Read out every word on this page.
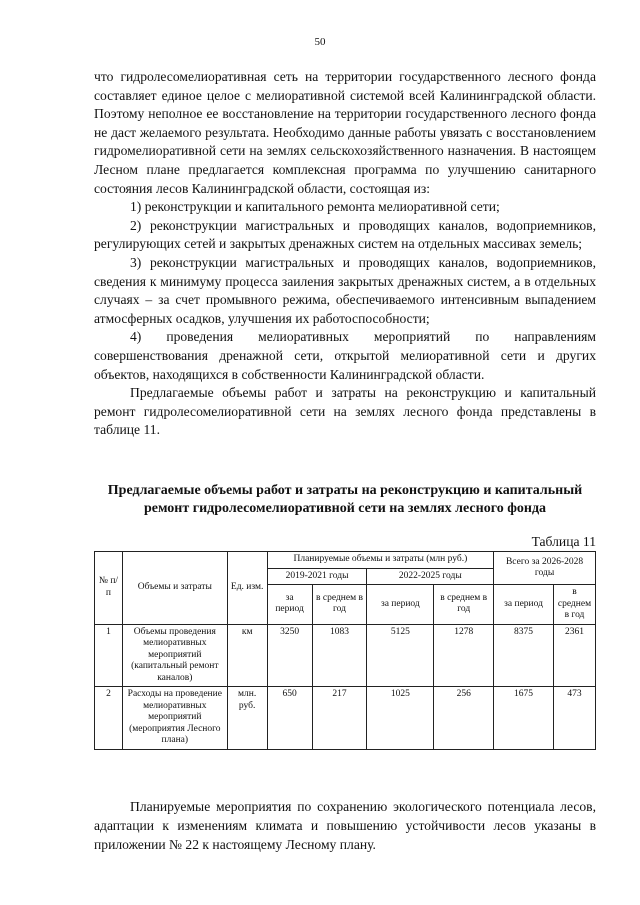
50

что гидролесомелиоративная сеть на территории государственного лесного фонда составляет единое целое с мелиоративной системой всей Калининградской области. Поэтому неполное ее восстановление на территории государственного лесного фонда не даст желаемого результата. Необходимо данные работы увязать с восстановлением гидромелиоративной сети на землях сельскохозяйственного назначения. В настоящем Лесном плане предлагается комплексная программа по улучшению санитарного состояния лесов Калининградской области, состоящая из:

1) реконструкции и капитального ремонта мелиоративной сети;

2) реконструкции магистральных и проводящих каналов, водоприемников, регулирующих сетей и закрытых дренажных систем на отдельных массивах земель;

3) реконструкции магистральных и проводящих каналов, водоприемников, сведения к минимуму процесса заиления закрытых дренажных систем, а в отдельных случаях – за счет промывного режима, обеспечиваемого интенсивным выпадением атмосферных осадков, улучшения их работоспособности;

4) проведения мелиоративных мероприятий по направлениям совершенствования дренажной сети, открытой мелиоративной сети и других объектов, находящихся в собственности Калининградской области.

Предлагаемые объемы работ и затраты на реконструкцию и капитальный ремонт гидролесомелиоративной сети на землях лесного фонда представлены в таблице 11.

Предлагаемые объемы работ и затраты на реконструкцию и капитальный ремонт гидролесомелиоративной сети на землях лесного фонда
Таблица 11
№ п/п	Объемы и затраты	Ед. изм.	Планируемые объемы и затраты (млн руб.)				Всего за 2026-2028 годы	
			2019-2021 годы		2022-2025 годы			
			за период	в среднем в год	за период	в среднем в год	за период	в среднем в год
1	Объемы проведения мелиоративных мероприятий (капитальный ремонт каналов)	км	3250	1083	5125	1278	8375	2361
2	Расходы на проведение мелиоративных мероприятий (мероприятия Лесного плана)	млн. руб.	650	217	1025	256	1675	473

Планируемые мероприятия по сохранению экологического потенциала лесов, адаптации к изменениям климата и повышению устойчивости лесов указаны в приложении № 22 к настоящему Лесному плану.
